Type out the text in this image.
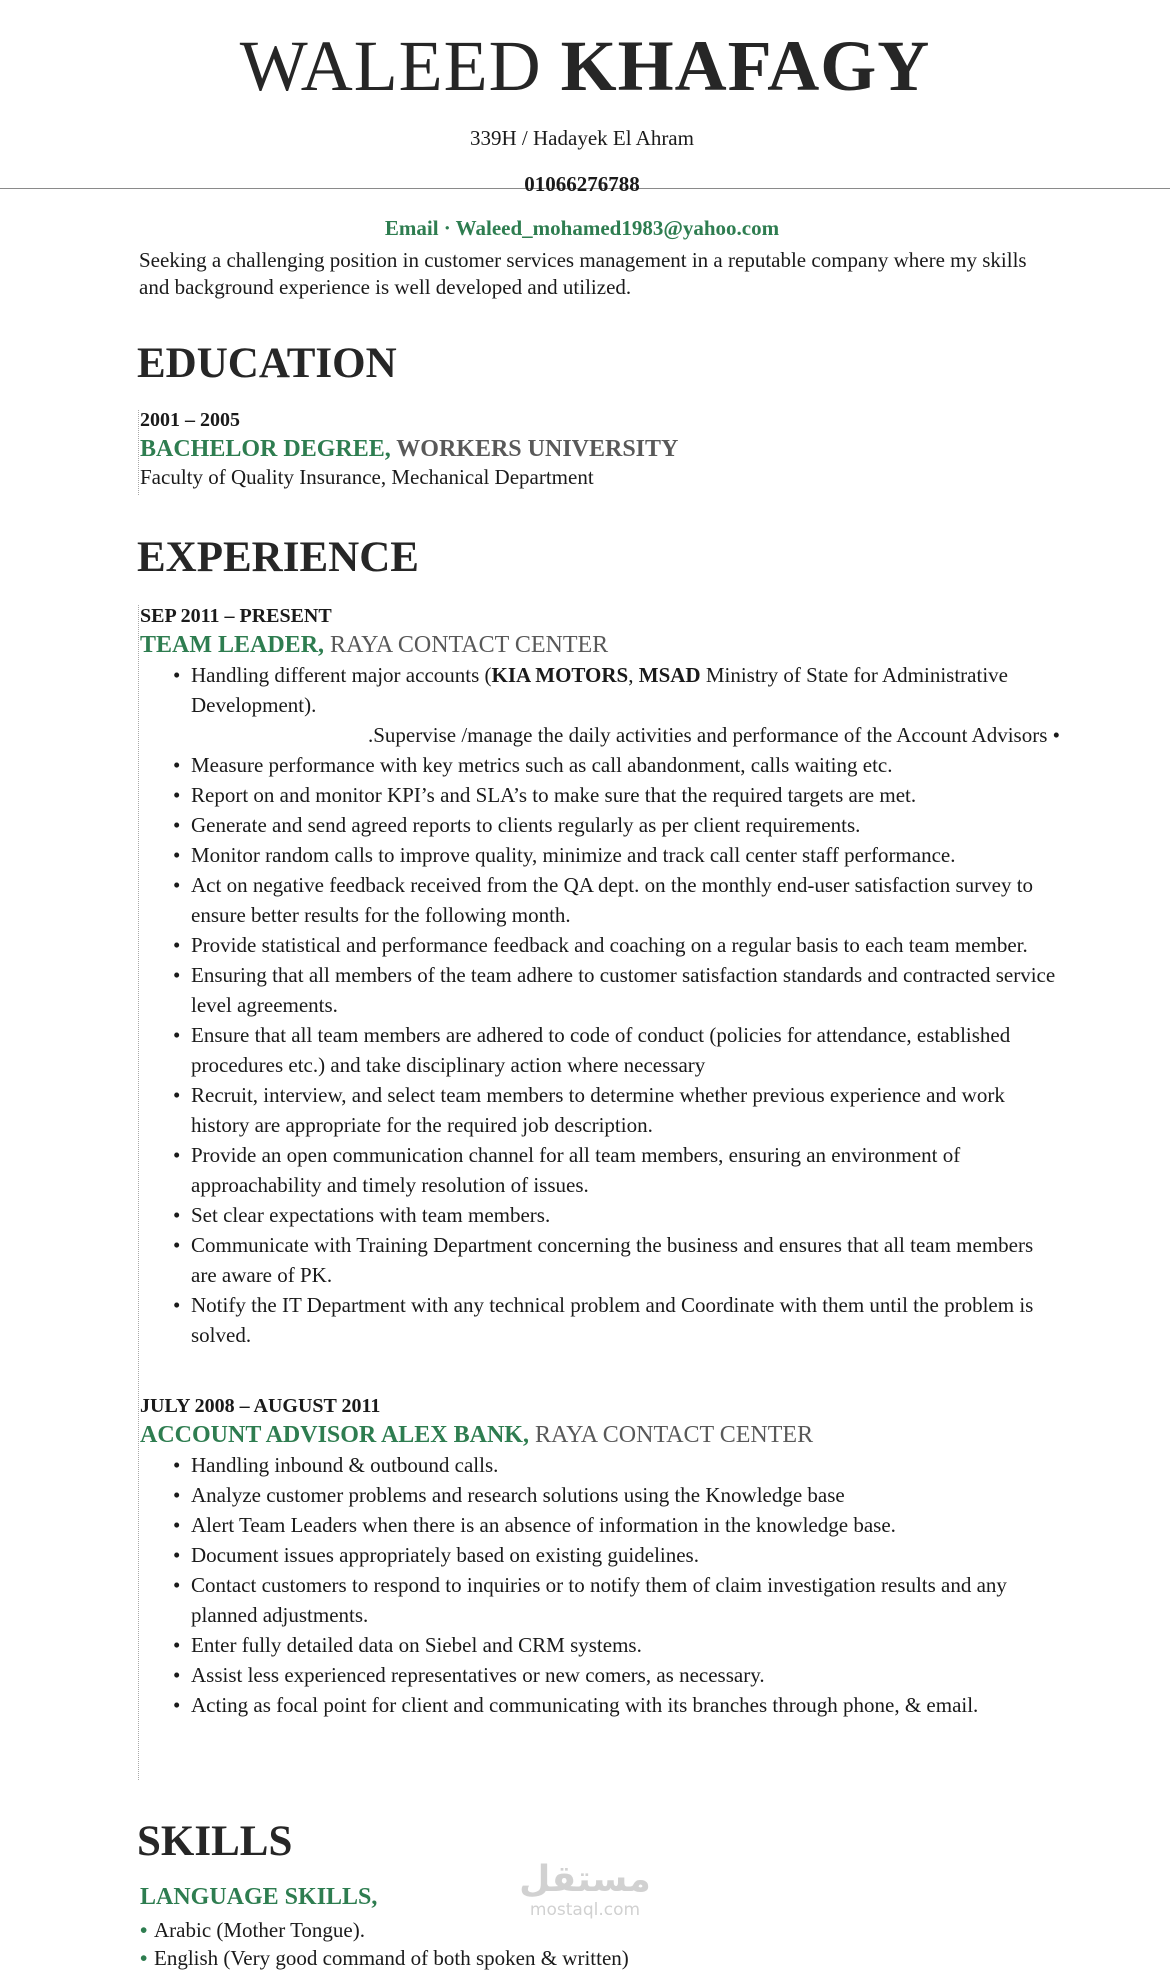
WALEED KHAFAGY
339H / Hadayek El Ahram
01066276788
Email · Waleed_mohamed1983@yahoo.com
Seeking a challenging position in customer services management in a reputable company where my skills and background experience is well developed and utilized.
EDUCATION
2001 – 2005
BACHELOR DEGREE, WORKERS UNIVERSITY
Faculty of Quality Insurance, Mechanical Department
EXPERIENCE
SEP 2011 – PRESENT
TEAM LEADER, RAYA CONTACT CENTER
• Handling different major accounts (KIA MOTORS, MSAD Ministry of State for Administrative Development).
.Supervise /manage the daily activities and performance of the Account Advisors •
• Measure performance with key metrics such as call abandonment, calls waiting etc.
• Report on and monitor KPI’s and SLA’s to make sure that the required targets are met.
• Generate and send agreed reports to clients regularly as per client requirements.
• Monitor random calls to improve quality, minimize and track call center staff performance.
• Act on negative feedback received from the QA dept. on the monthly end-user satisfaction survey to ensure better results for the following month.
• Provide statistical and performance feedback and coaching on a regular basis to each team member.
• Ensuring that all members of the team adhere to customer satisfaction standards and contracted service level agreements.
• Ensure that all team members are adhered to code of conduct (policies for attendance, established procedures etc.) and take disciplinary action where necessary
• Recruit, interview, and select team members to determine whether previous experience and work history are appropriate for the required job description.
• Provide an open communication channel for all team members, ensuring an environment of approachability and timely resolution of issues.
• Set clear expectations with team members.
• Communicate with Training Department concerning the business and ensures that all team members are aware of PK.
• Notify the IT Department with any technical problem and Coordinate with them until the problem is solved.
JULY 2008 – AUGUST 2011
ACCOUNT ADVISOR ALEX BANK, RAYA CONTACT CENTER
• Handling inbound & outbound calls.
• Analyze customer problems and research solutions using the Knowledge base
• Alert Team Leaders when there is an absence of information in the knowledge base.
• Document issues appropriately based on existing guidelines.
• Contact customers to respond to inquiries or to notify them of claim investigation results and any planned adjustments.
• Enter fully detailed data on Siebel and CRM systems.
• Assist less experienced representatives or new comers, as necessary.
• Acting as focal point for client and communicating with its branches through phone, & email.
SKILLS
LANGUAGE SKILLS,
• Arabic (Mother Tongue).
• English (Very good command of both spoken & written)
مستقل
mostaql.com
